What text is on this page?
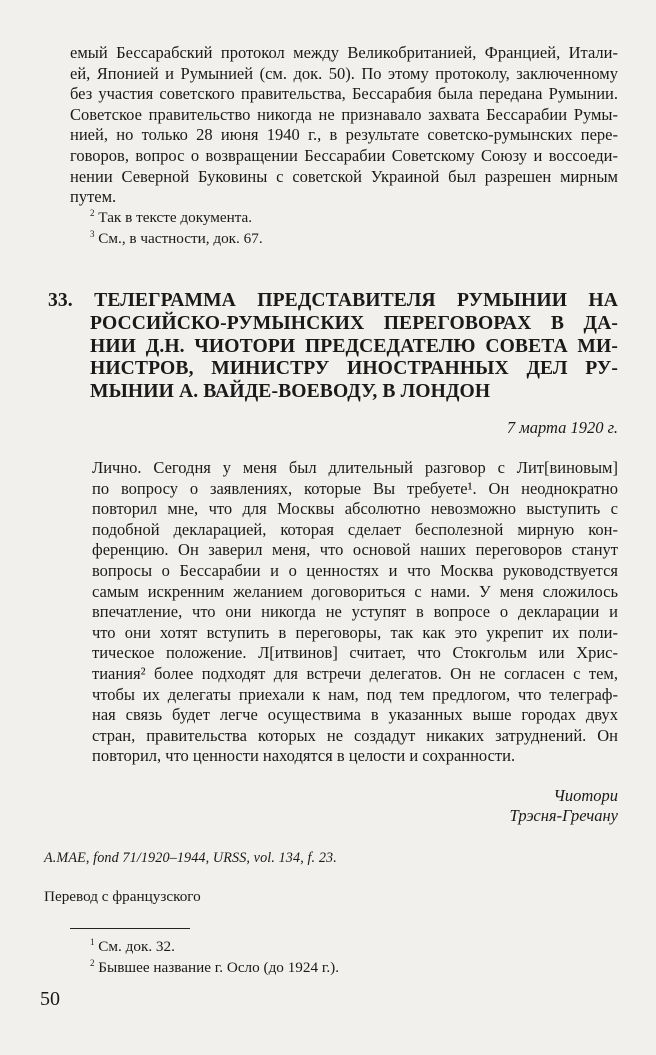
емый Бессарабский протокол между Великобританией, Францией, Итали-
ей, Японией и Румынией (см. док. 50). По этому протоколу, заключенному
без участия советского правительства, Бессарабия была передана Румынии.
Советское правительство никогда не признавало захвата Бессарабии Румы-
нией, но только 28 июня 1940 г., в результате советско-румынских пере-
говоров, вопрос о возвращении Бессарабии Советскому Союзу и воссоеди-
нении Северной Буковины с советской Украиной был разрешен мирным
путем.

$^2$ Так в тексте документа.

$^3$ См., в частности, док. 67.

33. ТЕЛЕГРАММА ПРЕДСТАВИТЕЛЯ РУМЫНИИ НА
РОССИЙСКО-РУМЫНСКИХ ПЕРЕГОВОРАХ В ДА-
НИИ Д.Н. ЧИОТОРИ ПРЕДСЕДАТЕЛЮ СОВЕТА МИ-
НИСТРОВ, МИНИСТРУ ИНОСТРАННЫХ ДЕЛ РУ-
МЫНИИ А. ВАЙДЕ-ВОЕВОДУ, В ЛОНДОН
7 марта 1920 г.

Лично. Сегодня у меня был длительный разговор с Лит[виновым]
по вопросу о заявлениях, которые Вы требуете¹. Он неоднократно
повторил мне, что для Москвы абсолютно невозможно выступить с
подобной декларацией, которая сделает бесполезной мирную кон-
ференцию. Он заверил меня, что основой наших переговоров станут
вопросы о Бессарабии и о ценностях и что Москва руководствуется
самым искренним желанием договориться с нами. У меня сложилось
впечатление, что они никогда не уступят в вопросе о декларации и
что они хотят вступить в переговоры, так как это укрепит их поли-
тическое положение. Л[итвинов] считает, что Стокгольм или Хрис-
тиания² более подходят для встречи делегатов. Он не согласен с тем,
чтобы их делегаты приехали к нам, под тем предлогом, что телеграф-
ная связь будет легче осуществима в указанных выше городах двух
стран, правительства которых не создадут никаких затруднений. Он
повторил, что ценности находятся в целости и сохранности.

Чиотори
Трэсня-Гречану
A.MAE, fond 71/1920–1944, URSS, vol. 134, f. 23.
Перевод с французского
$^1$ См. док. 32.
$^2$ Бывшее название г. Осло (до 1924 г.).
50
